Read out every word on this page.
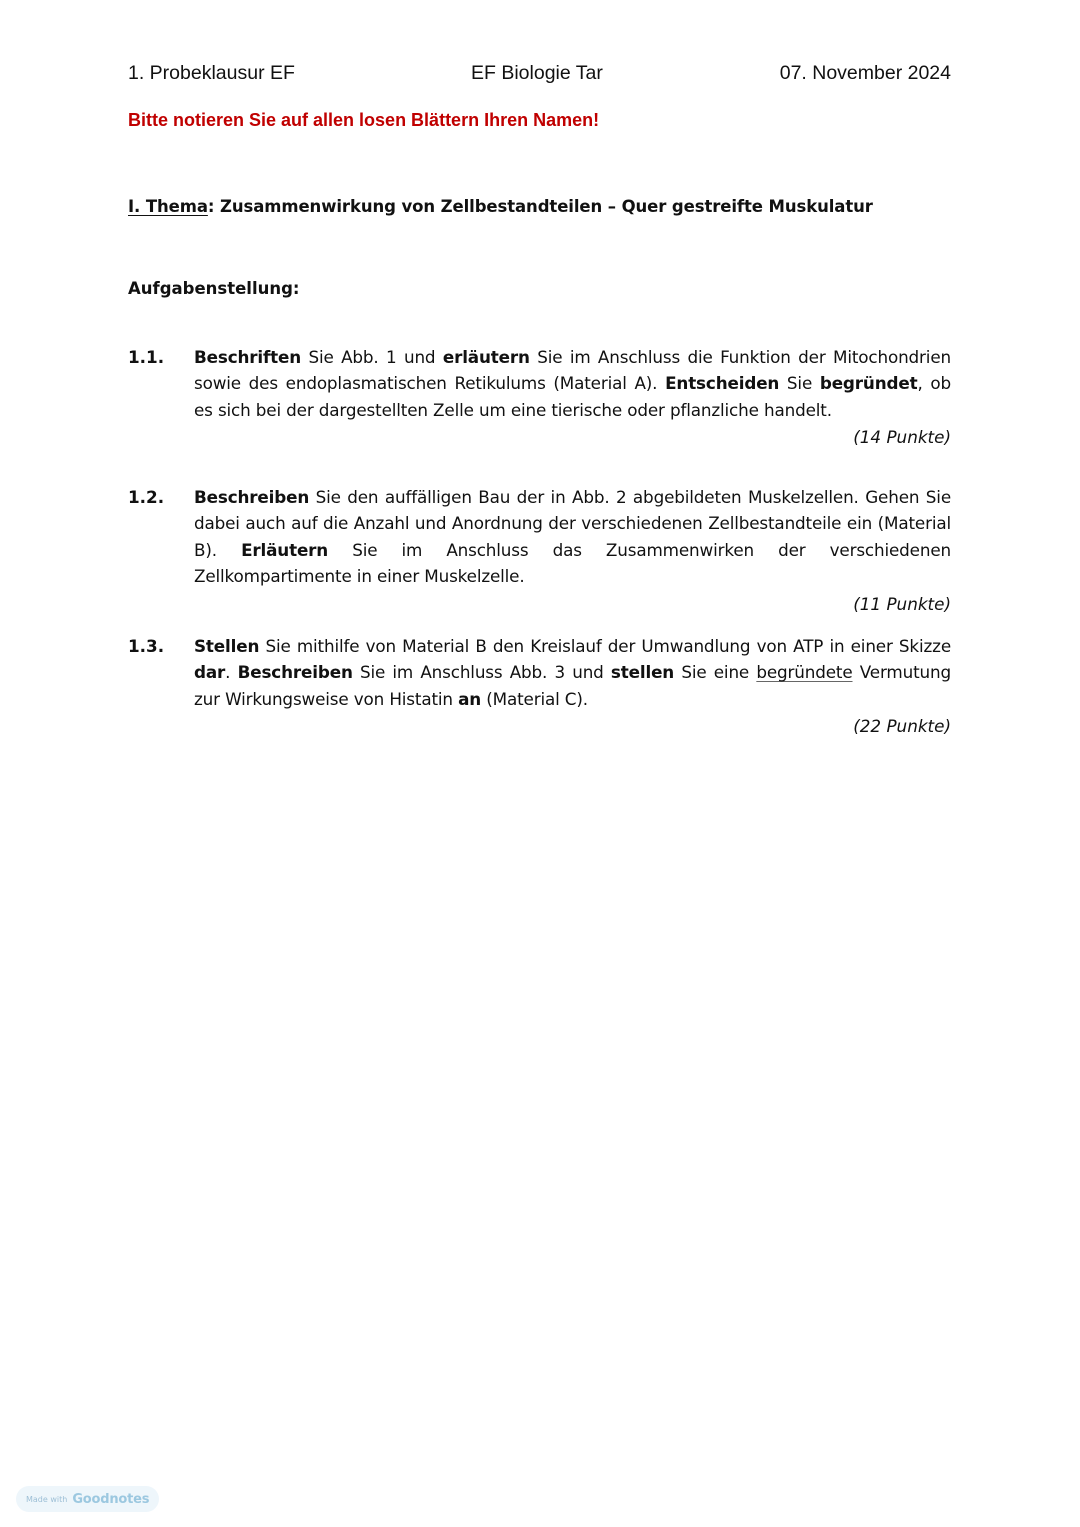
1. Probeklausur EF	EF Biologie Tar	07. November 2024
Bitte notieren Sie auf allen losen Blättern Ihren Namen!
I. Thema: Zusammenwirkung von Zellbestandteilen – Quer gestreifte Muskulatur
Aufgabenstellung:
1.1. Beschriften Sie Abb. 1 und erläutern Sie im Anschluss die Funktion der Mitochondrien sowie des endoplasmatischen Retikulums (Material A). Entscheiden Sie begründet, ob es sich bei der dargestellten Zelle um eine tierische oder pflanzliche handelt.
(14 Punkte)
1.2. Beschreiben Sie den auffälligen Bau der in Abb. 2 abgebildeten Muskelzellen. Gehen Sie dabei auch auf die Anzahl und Anordnung der verschiedenen Zellbestandteile ein (Material B). Erläutern Sie im Anschluss das Zusammenwirken der verschiedenen Zellkompartimente in einer Muskelzelle.
(11 Punkte)
1.3. Stellen Sie mithilfe von Material B den Kreislauf der Umwandlung von ATP in einer Skizze dar. Beschreiben Sie im Anschluss Abb. 3 und stellen Sie eine begründete Vermutung zur Wirkungsweise von Histatin an (Material C).
(22 Punkte)
Made with Goodnotes
